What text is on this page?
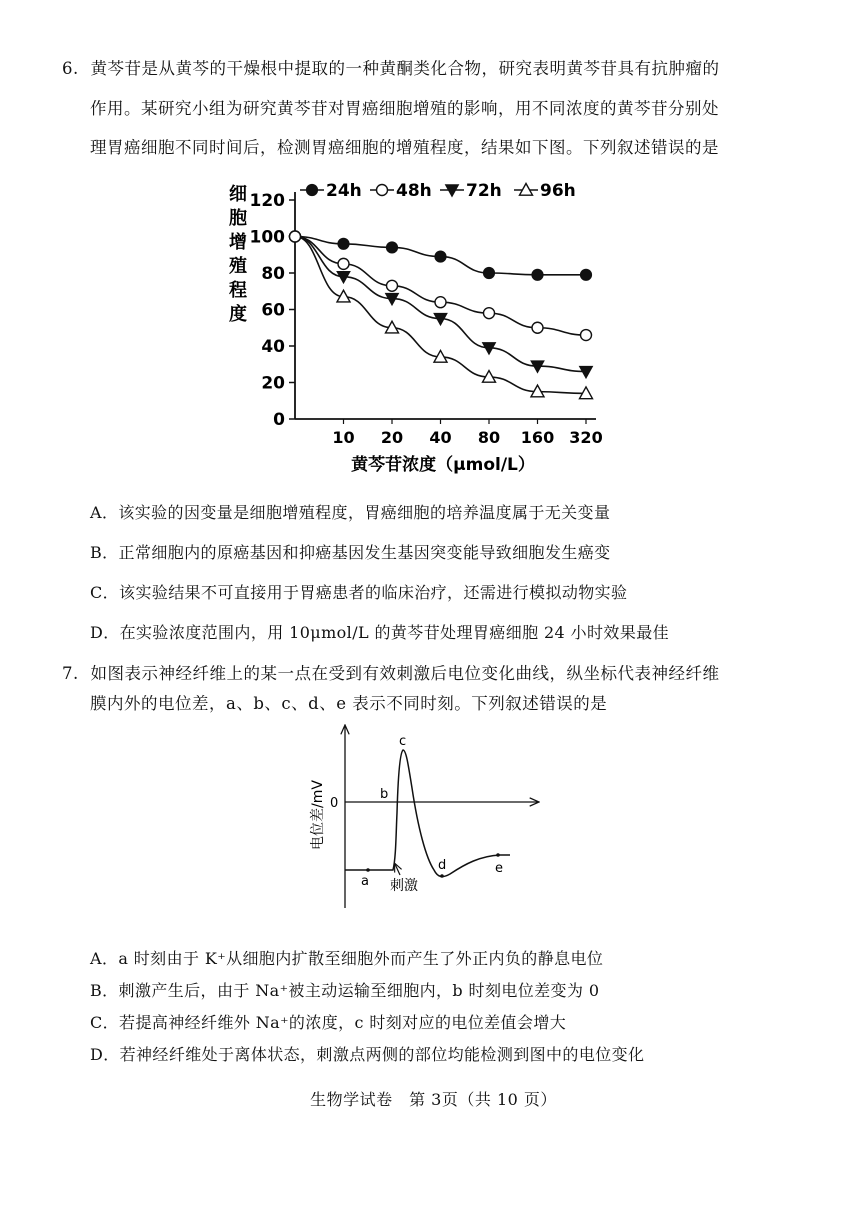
6. 黄芩苷是从黄芩的干燥根中提取的一种黄酮类化合物，研究表明黄芩苷具有抗肿瘤的
作用。某研究小组为研究黄芩苷对胃癌细胞增殖的影响，用不同浓度的黄芩苷分别处
理胃癌细胞不同时间后，检测胃癌细胞的增殖程度，结果如下图。下列叙述错误的是
细
胞
增
殖
程
度
0
20
40
60
80
100
120
10 20 40 80 160 320
24h 48h 72h 96h
黄芩苷浓度（μmol/L）
A．该实验的因变量是细胞增殖程度，胃癌细胞的培养温度属于无关变量
B．正常细胞内的原癌基因和抑癌基因发生基因突变能导致细胞发生癌变
C．该实验结果不可直接用于胃癌患者的临床治疗，还需进行模拟动物实验
D．在实验浓度范围内，用 10μmol/L 的黄芩苷处理胃癌细胞 24 小时效果最佳
7. 如图表示神经纤维上的某一点在受到有效刺激后电位变化曲线，纵坐标代表神经纤维
膜内外的电位差，a、b、c、d、e 表示不同时刻。下列叙述错误的是
0
电位差/mV
a
b
c
d	e
刺激
A．a 时刻由于 K⁺从细胞内扩散至细胞外而产生了外正内负的静息电位
B．刺激产生后，由于 Na⁺被主动运输至细胞内，b 时刻电位差变为 0
C．若提高神经纤维外 Na⁺的浓度，c 时刻对应的电位差值会增大
D．若神经纤维处于离体状态，刺激点两侧的部位均能检测到图中的电位变化
生物学试卷　第 3页（共 10 页）
